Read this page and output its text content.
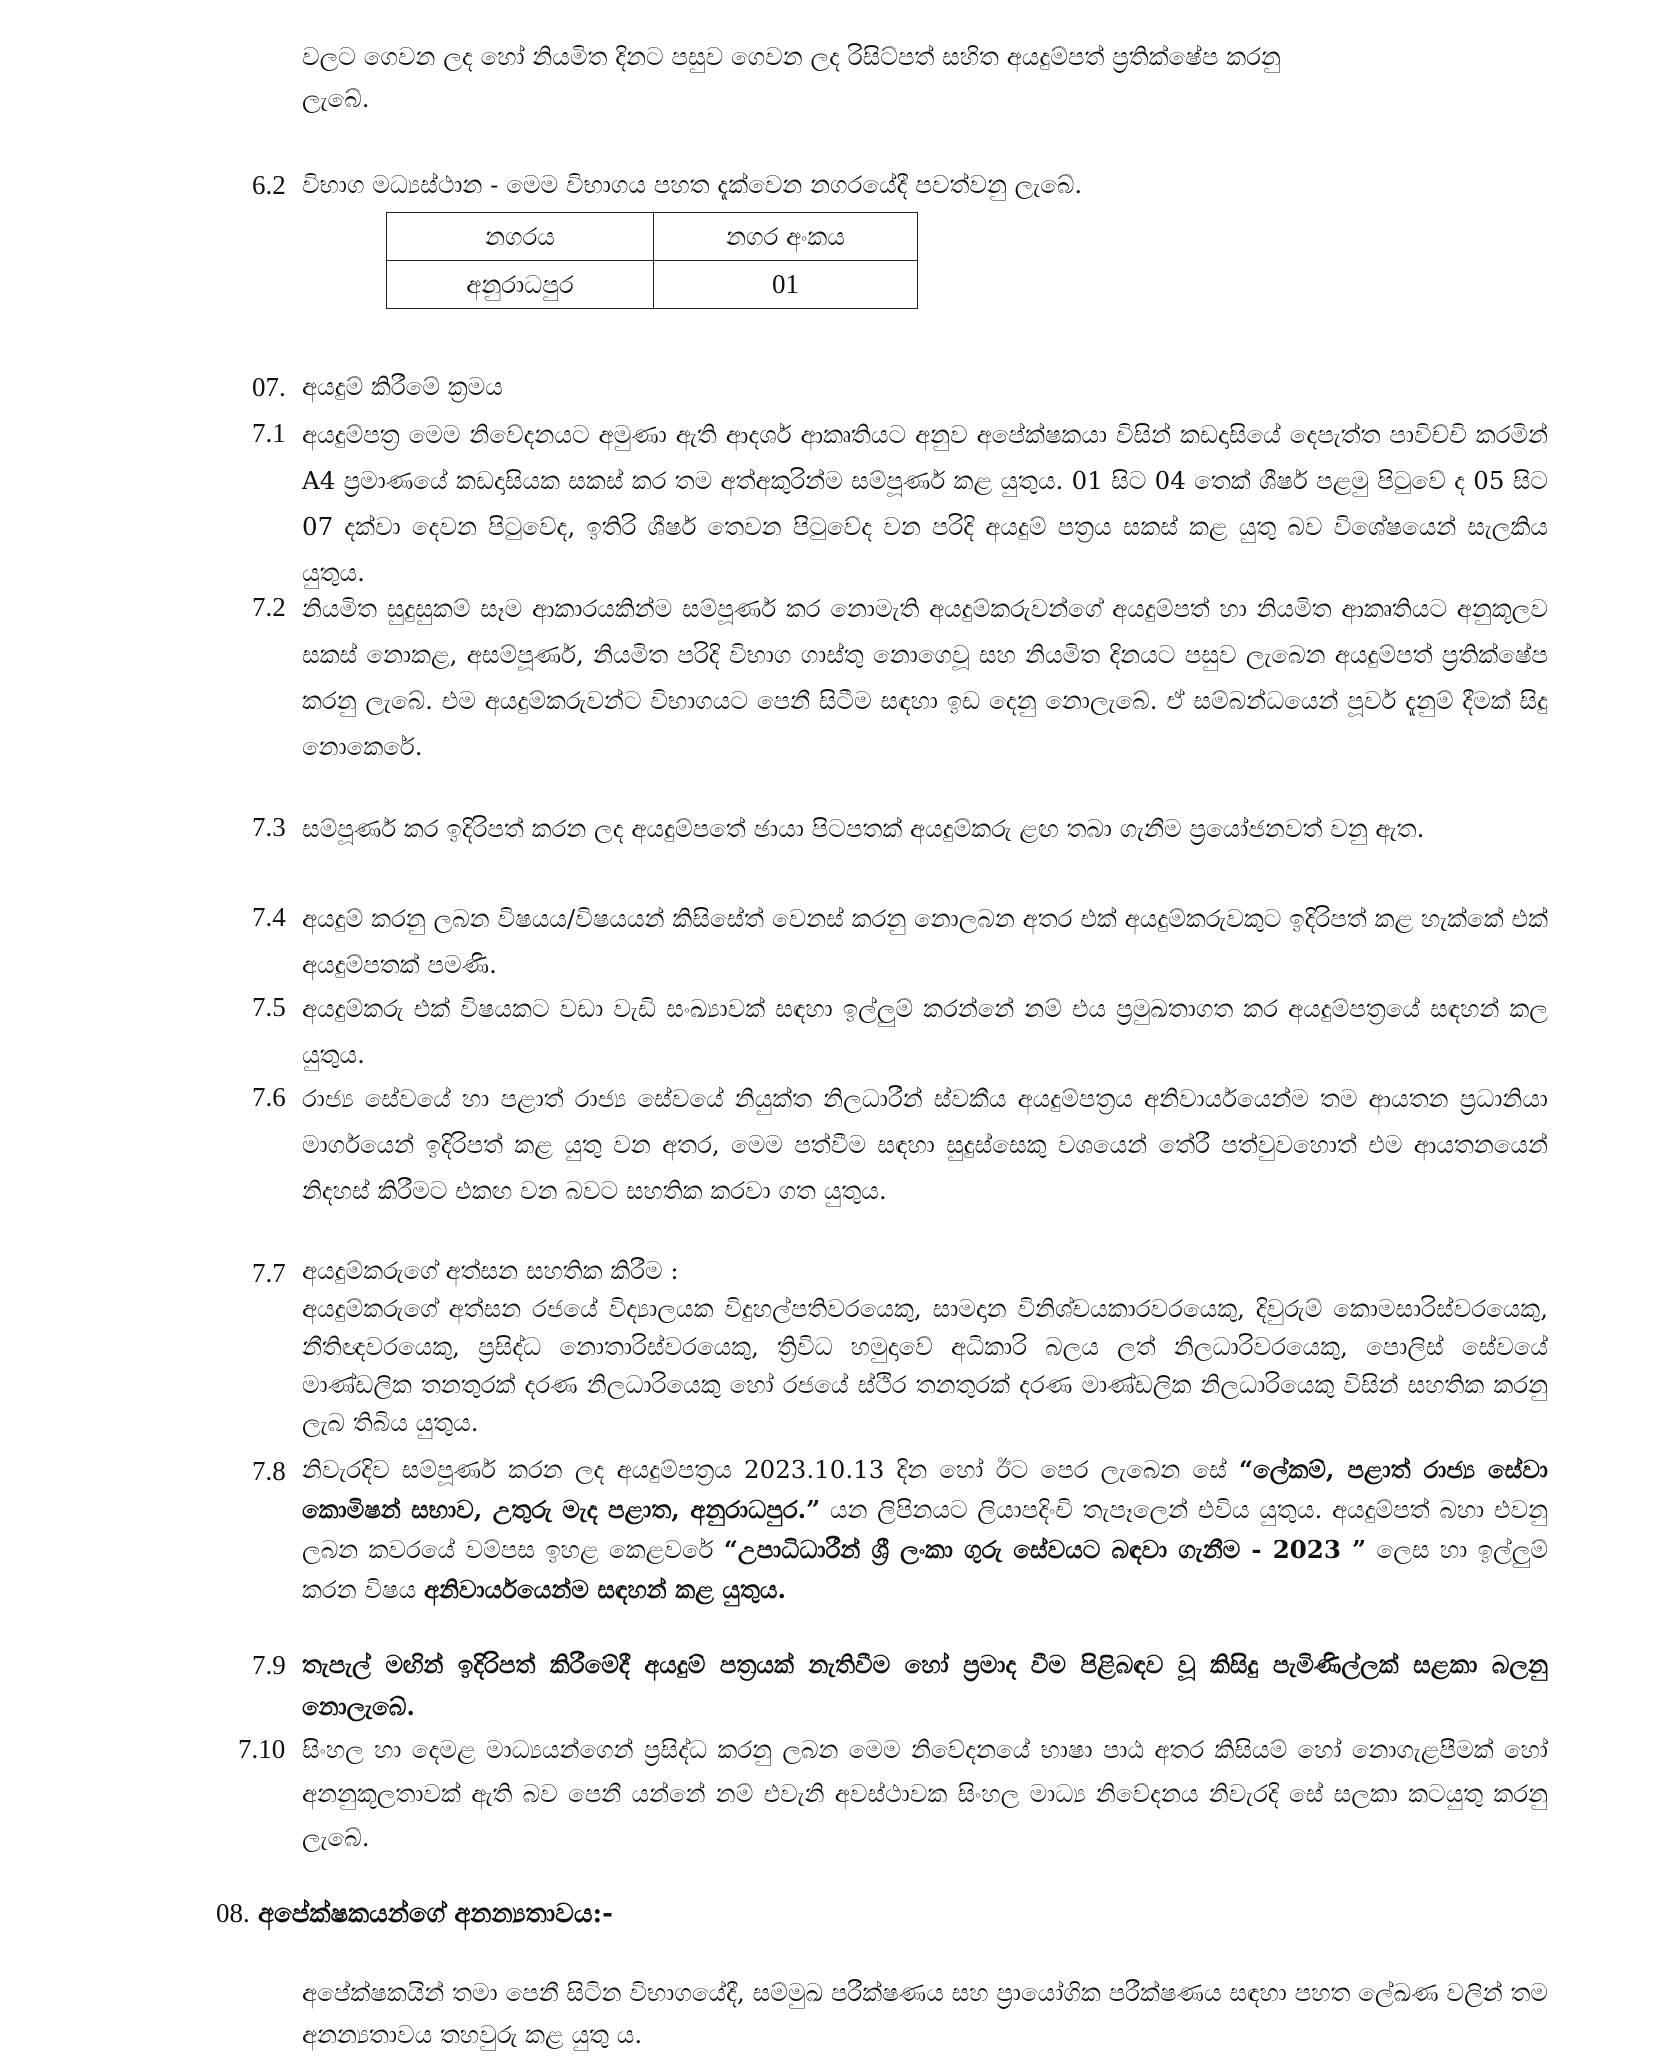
වලට ගෙවන ලද හෝ නියමිත දිනට පසුව ගෙවන ලද රිසිට්පත් සහිත අයදුම්පත් ප්‍රතික්ෂේප කරනු
ලැබේ.
6.2 විභාග මධ්‍යස්ථාන - මෙම විභාගය පහත දැක්වෙන නගරයේදී පවත්වනු ලැබේ.
නගරය	නගර අංකය
අනුරාධපුර	01
07. අයදුම් කිරීමේ ක්‍රමය
7.1 අයදුම්පත්‍ර මෙම නිවේදනයට අමුණා ඇති ආදර්ශ ආකෘතියට අනුව අපේක්ෂකයා විසින් කඩදාසියේ දෙපැත්ත පාවිච්චි කරමින් A4 ප්‍රමාණයේ කඩදාසියක සකස් කර තම අත්අකුරින්ම සම්පූර්ණ කළ යුතුය. 01 සිට 04 තෙක් ශීර්ෂ පළමු පිටුවේ ද 05 සිට 07 දක්වා දෙවන පිටුවේද, ඉතිරි ශීර්ෂ තෙවන පිටුවේද වන පරිදි අයදුම් පත්‍රය සකස් කළ යුතු බව විශේෂයෙන් සැලකිය යුතුය.
7.2 නියමිත සුදුසුකම් සෑම ආකාරයකින්ම සම්පූර්ණ කර නොමැති අයදුම්කරුවන්ගේ අයදුම්පත් හා නියමිත ආකෘතියට අනුකූලව සකස් නොකළ, අසම්පූර්ණ, නියමිත පරිදි විභාග ගාස්තු නොගෙවූ සහ නියමිත දිනයට පසුව ලැබෙන අයදුම්පත් ප්‍රතික්ෂේප කරනු ලැබේ. එම අයදුම්කරුවන්ට විභාගයට පෙනී සිටීම සඳහා ඉඩ දෙනු නොලැබේ. ඒ සම්බන්ධයෙන් පූර්ව දැනුම් දීමක් සිදු නොකෙරේ.
7.3 සම්පූර්ණ කර ඉදිරිපත් කරන ලද අයදුම්පතේ ඡායා පිටපතක් අයදුම්කරු ළඟ තබා ගැනීම ප්‍රයෝජනවත් වනු ඇත.
7.4 අයදුම් කරනු ලබන විෂයය/විෂයයන් කිසිසේත් වෙනස් කරනු නොලබන අතර එක් අයදුම්කරුවකුට ඉදිරිපත් කළ හැක්කේ එක් අයදුම්පතක් පමණි.
7.5 අයදුම්කරු එක් විෂයකට වඩා වැඩි සංඛ්‍යාවක් සඳහා ඉල්ලුම් කරන්නේ නම් එය ප්‍රමුඛතාගත කර අයදුම්පත්‍රයේ සඳහන් කල යුතුය.
7.6 රාජ්‍ය සේවයේ හා පළාත් රාජ්‍ය සේවයේ නියුක්ත නිලධාරීන් ස්වකීය අයදුම්පත්‍රය අනිවාර්යයෙන්ම තම ආයතන ප්‍රධානියා මාර්ගයෙන් ඉදිරිපත් කළ යුතු වන අතර, මෙම පත්වීම සඳහා සුදුස්සෙකු වශයෙන් තේරී පත්වුවහොත් එම ආයතනයෙන් නිදහස් කිරීමට එකඟ වන බවට සහතික කරවා ගත යුතුය.
7.7 අයදුම්කරුගේ අත්සන සහතික කිරීම :
අයදුම්කරුගේ අත්සන රජයේ විද්‍යාලයක විදුහල්පතිවරයෙකු, සාමදාන විනිශ්චයකාරවරයෙකු, දිවුරුම් කොමසාරිස්වරයෙකු, නීතිඥවරයෙකු, ප්‍රසිද්ධ නොතාරිස්වරයෙකු, ත්‍රිවිධ හමුදාවේ අධිකාරි බලය ලත් නිලධාරිවරයෙකු, පොලිස් සේවයේ මාණ්ඩලික තනතුරක් දරණ නිලධාරියෙකු හෝ රජයේ ස්ථිර තනතුරක් දරණ මාණ්ඩලික නිලධාරියෙකු විසින් සහතික කරනු ලැබ තිබිය යුතුය.
7.8 නිවැරදිව සම්පූර්ණ කරන ලද අයදුම්පත්‍රය 2023.10.13 දින හෝ ඊට පෙර ලැබෙන සේ “ලේකම්, පළාත් රාජ්‍ය සේවා කොමිෂන් සභාව, උතුරු මැද පළාත, අනුරාධපුර.” යන ලිපිනයට ලියාපදිංචි තැපෑලෙන් එවිය යුතුය. අයදුම්පත් බහා එවනු ලබන කවරයේ වම්පස ඉහළ කෙළවරේ “උපාධිධාරීන් ශ්‍රී ලංකා ගුරු සේවයට බඳවා ගැනීම - 2023 ” ලෙස හා ඉල්ලුම් කරන විෂය අනිවාර්යයෙන්ම සඳහන් කළ යුතුය.
7.9 තැපැල් මඟින් ඉදිරිපත් කිරීමේදී අයදුම් පත්‍රයක් නැතිවීම හෝ ප්‍රමාද වීම පිළිබඳව වූ කිසිදු පැමිණිල්ලක් සළකා බලනු නොලැබේ.
7.10 සිංහල හා දෙමළ මාධ්‍යයන්ගෙන් ප්‍රසිද්ධ කරනු ලබන මෙම නිවේදනයේ භාෂා පාඨ අතර කිසියම් හෝ නොගැළපීමක් හෝ අනනුකූලතාවක් ඇති බව පෙනී යන්නේ නම් එවැනි අවස්ථාවක සිංහල මාධ්‍ය නිවේදනය නිවැරදි සේ සලකා කටයුතු කරනු ලැබේ.
08. අපේක්ෂකයන්ගේ අනන්‍යතාවය:-
අපේක්ෂකයින් තමා පෙනී සිටින විභාගයේදී, සම්මුඛ පරීක්ෂණය සහ ප්‍රායෝගික පරීක්ෂණය සඳහා පහත ලේඛණ වලින් තම අනන්‍යතාවය තහවුරු කළ යුතු ය.
